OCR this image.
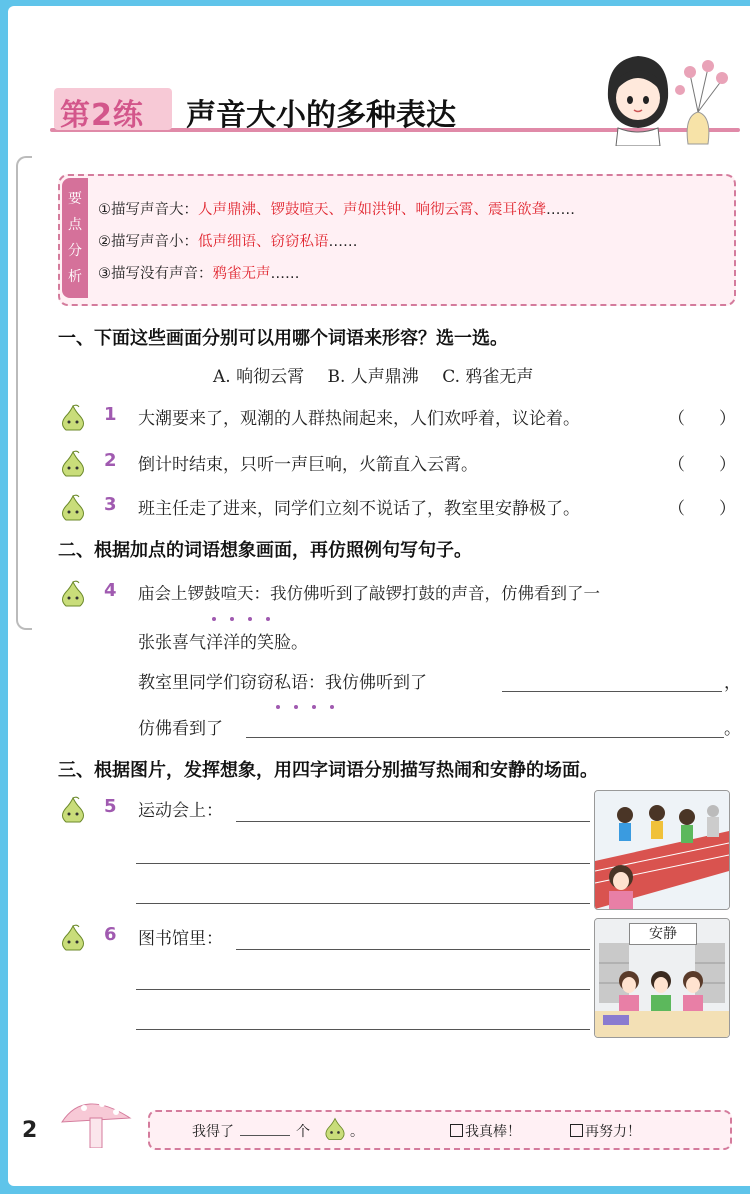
第2练 声音大小的多种表达
要
点
分
析
①描写声音大：人声鼎沸、锣鼓喧天、声如洪钟、响彻云霄、震耳欲聋……
②描写声音小：低声细语、窃窃私语……
③描写没有声音：鸦雀无声……
一、下面这些画面分别可以用哪个词语来形容？选一选。
A. 响彻云霄 B. 人声鼎沸 C. 鸦雀无声
1 大潮要来了，观潮的人群热闹起来，人们欢呼着，议论着。	（　　）
2 倒计时结束，只听一声巨响，火箭直入云霄。	（　　）
3 班主任走了进来，同学们立刻不说话了，教室里安静极了。	（　　）
二、根据加点的词语想象画面，再仿照例句写句子。
4 庙会上锣鼓喧天：我仿佛听到了敲锣打鼓的声音，仿佛看到了一
张张喜气洋洋的笑脸。
教室里同学们窃窃私语：我仿佛听到了	，
仿佛看到了	。
三、根据图片，发挥想象，用四字词语分别描写热闹和安静的场面。
5 运动会上：
6 图书馆里：	安静
2	我得了	个	。	我真棒！	再努力！
